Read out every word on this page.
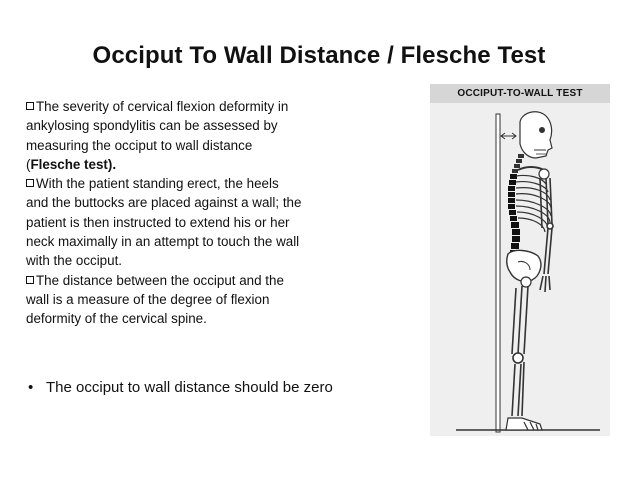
Occiput To Wall Distance / Flesche Test
The severity of cervical flexion deformity in
ankylosing spondylitis can be assessed by
measuring the occiput to wall distance
(Flesche test).
With the patient standing erect, the heels
and the buttocks are placed against a wall; the
patient is then instructed to extend his or her
neck maximally in an attempt to touch the wall
with the occiput.
The distance between the occiput and the
wall is a measure of the degree of flexion
deformity of the cervical spine.
• The occiput to wall distance should be zero
OCCIPUT-TO-WALL TEST
